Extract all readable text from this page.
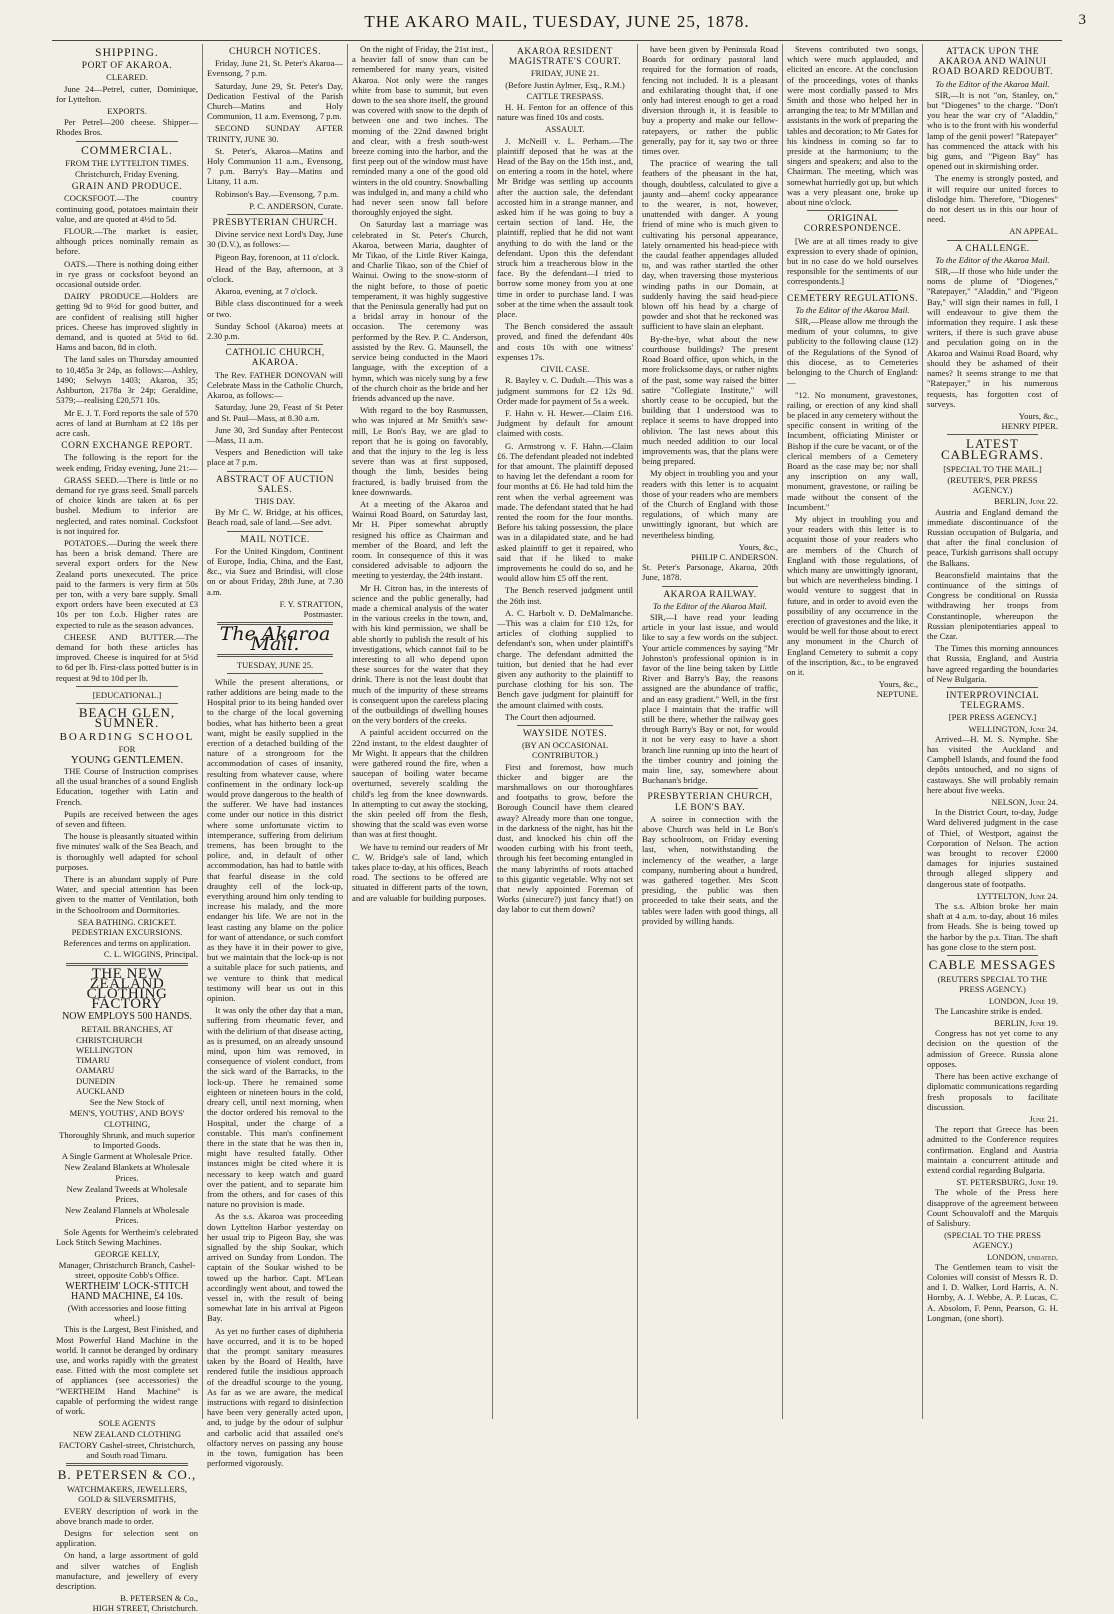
THE AKARO MAIL, TUESDAY, JUNE 25, 1878.	3
SHIPPING.
PORT OF AKAROA.
CLEARED.

June 24—Petrel, cutter, Dominique, for Lyttelton.

EXPORTS.

Per Petrel—200 cheese. Shipper—Rhodes Bros.

COMMERCIAL.
FROM THE LYTTELTON TIMES.
Christchurch, Friday Evening.
GRAIN AND PRODUCE.

COCKSFOOT.—The country continuing good, potatoes maintain their value, and are quoted at 4½d to 5d.

FLOUR.—The market is easier, although prices nominally remain as before.

OATS.—There is nothing doing either in rye grass or cocksfoot beyond an occasional outside order.

DAIRY PRODUCE.—Holders are getting 9d to 9½d for good butter, and are confident of realising still higher prices. Cheese has improved slightly in demand, and is quoted at 5½d to 6d. Hams and bacon, 8d in cloth.

The land sales on Thursday amounted to 10,485a 3r 24p, as follows:—Ashley, 1490; Selwyn 1403; Akaroa, 35; Ashburton, 2178a 3r 24p; Geraldine, 5379;—realising £20,571 10s.

Mr E. J. T. Ford reports the sale of 570 acres of land at Burnham at £2 18s per acre cash.

CORN EXCHANGE REPORT.

The following is the report for the week ending, Friday evening, June 21:—

GRASS SEED.—There is little or no demand for rye grass seed. Small parcels of choice kinds are taken at 6s per bushel. Medium to inferior are neglected, and rates nominal. Cocksfoot is not inquired for.

POTATOES.—During the week there has been a brisk demand. There are several export orders for the New Zealand ports unexecuted. The price paid to the farmers is very firm at 50s per ton, with a very bare supply. Small export orders have been executed at £3 10s per ton f.o.b. Higher rates are expected to rule as the season advances.

CHEESE AND BUTTER.—The demand for both these articles has improved. Cheese is inquired for at 5½d to 6d per lb. First-class potted butter is in request at 9d to 10d per lb.

[EDUCATIONAL.]
BEACH GLEN, SUMNER.
BOARDING SCHOOL
FOR
YOUNG GENTLEMEN.

THE Course of Instruction comprises all the usual branches of a sound English Education, together with Latin and French.

Pupils are received between the ages of seven and fifteen.

The house is pleasantly situated within five minutes' walk of the Sea Beach, and is thoroughly well adapted for school purposes.

There is an abundant supply of Pure Water, and special attention has been given to the matter of Ventilation, both in the Schoolroom and Dormitories.

SEA BATHING. CRICKET. PEDESTRIAN EXCURSIONS.
References and terms on application.
C. L. WIGGINS, Principal.
THE NEW ZEALAND CLOTHING FACTORY
NOW EMPLOYS 500 HANDS.
RETAIL BRANCHES, AT
CHRISTCHURCH
WELLINGTON
TIMARU
OAMARU
DUNEDIN
AUCKLAND
See the New Stock of
MEN'S, YOUTHS', AND BOYS' CLOTHING,
Thoroughly Shrunk, and much superior to Imported Goods.
A Single Garment at Wholesale Price.
New Zealand Blankets at Wholesale Prices.
New Zealand Tweeds at Wholesale Prices.
New Zealand Flannels at Wholesale Prices.

Sole Agents for Wertheim's celebrated Lock Stitch Sewing Machines.

GEORGE KELLY,
Manager, Christchurch Branch, Cashel-street, opposite Cobb's Office.
WERTHEIM' LOCK-STITCH HAND MACHINE, £4 10s.
(With accessories and loose fitting wheel.)

This is the Largest, Best Finished, and Most Powerful Hand Machine in the world. It cannot be deranged by ordinary use, and works rapidly with the greatest ease. Fitted with the most complete set of appliances (see accessories) the "WERTHEIM Hand Machine" is capable of performing the widest range of work.

SOLE AGENTS
NEW ZEALAND CLOTHING FACTORY Cashel-street, Christchurch, and South road Timaru.
B. PETERSEN & CO.,
WATCHMAKERS, JEWELLERS, GOLD & SILVERSMITHS,

EVERY description of work in the above branch made to order.

Designs for selection sent on application.

On hand, a large assortment of gold and silver watches of English manufacture, and jewellery of every description.

B. PETERSEN & Co.,
HIGH STREET, Christchurch.
CHURCH NOTICES.

Friday, June 21, St. Peter's Akaroa—Evensong, 7 p.m.

Saturday, June 29, St. Peter's Day, Dedication Festival of the Parish Church—Matins and Holy Communion, 11 a.m. Evensong, 7 p.m.

SECOND SUNDAY AFTER TRINITY, JUNE 30.

St. Peter's, Akaroa—Matins and Holy Communion 11 a.m., Evensong, 7 p.m. Barry's Bay—Matins and Litany, 11 a.m.

Robinson's Bay.—Evensong, 7 p.m.

P. C. ANDERSON, Curate.
PRESBYTERIAN CHURCH.

Divine service next Lord's Day, June 30 (D.V.), as follows:—

Pigeon Bay, forenoon, at 11 o'clock.

Head of the Bay, afternoon, at 3 o'clock.

Akaroa, evening, at 7 o'clock.

Bible class discontinued for a week or two.

Sunday School (Akaroa) meets at 2.30 p.m.

CATHOLIC CHURCH, AKAROA.

The Rev. FATHER DONOVAN will Celebrate Mass in the Catholic Church, Akaroa, as follows:—

Saturday, June 29, Feast of St Peter and St. Paul—Mass, at 8.30 a.m.

June 30, 3rd Sunday after Pentecost—Mass, 11 a.m.

Vespers and Benediction will take place at 7 p.m.

ABSTRACT OF AUCTION SALES.
THIS DAY.

By Mr C. W. Bridge, at his offices, Beach road, sale of land.—See advt.

MAIL NOTICE.

For the United Kingdom, Continent of Europe, India, China, and the East, &c., via Suez and Brindisi, will close on or about Friday, 28th June, at 7.30 a.m.

F. Y. STRATTON,
Postmaster.
The Akaroa Mail.
TUESDAY, JUNE 25.

While the present alterations, or rather additions are being made to the Hospital prior to its being handed over to the charge of the local governing bodies, what has hitherto been a great want, might be easily supplied in the erection of a detached building of the nature of a strongroom for the accommodation of cases of insanity, resulting from whatever cause, where confinement in the ordinary lock-up would prove dangerous to the health of the sufferer. We have had instances come under our notice in this district where some unfortunate victim to intemperance, suffering from delirium tremens, has been brought to the police, and, in default of other accommodation, has had to battle with that fearful disease in the cold draughty cell of the lock-up, everything around him only tending to increase his malady, and the more endanger his life. We are not in the least casting any blame on the police for want of attendance, or such comfort as they have it in their power to give, but we maintain that the lock-up is not a suitable place for such patients, and we venture to think that medical testimony will bear us out in this opinion.

It was only the other day that a man, suffering from rheumatic fever, and with the delirium of that disease acting, as is presumed, on an already unsound mind, upon him was removed, in consequence of violent conduct, from the sick ward of the Barracks, to the lock-up. There he remained some eighteen or nineteen hours in the cold, dreary cell, until next morning, when the doctor ordered his removal to the Hospital, under the charge of a constable. This man's confinement there in the state that he was then in, might have resulted fatally. Other instances might be cited where it is necessary to keep watch and guard over the patient, and to separate him from the others, and for cases of this nature no provision is made.

As the s.s. Akaroa was proceeding down Lyttelton Harbor yesterday on her usual trip to Pigeon Bay, she was signalled by the ship Soukar, which arrived on Sunday from London. The captain of the Soukar wished to be towed up the harbor. Capt. M'Lean accordingly went about, and towed the vessel in, with the result of being somewhat late in his arrival at Pigeon Bay.

As yet no further cases of diphtheria have occurred, and it is to be hoped that the prompt sanitary measures taken by the Board of Health, have rendered futile the insidious approach of the dreadful scourge to the young. As far as we are aware, the medical instructions with regard to disinfection have been very generally acted upon, and, to judge by the odour of sulphur and carbolic acid that assailed one's olfactory nerves on passing any house in the town, fumigation has been performed vigorously.

On the night of Friday, the 21st inst., a heavier fall of snow than can be remembered for many years, visited Akaroa. Not only were the ranges white from base to summit, but even down to the sea shore itself, the ground was covered with snow to the depth of between one and two inches. The morning of the 22nd dawned bright and clear, with a fresh south-west breeze coming into the harbor, and the first peep out of the window must have reminded many a one of the good old winters in the old country. Snowballing was indulged in, and many a child who had never seen snow fall before thoroughly enjoyed the sight.

On Saturday last a marriage was celebrated in St. Peter's Church, Akaroa, between Maria, daughter of Mr Tikao, of the Little River Kainga, and Charlie Tikao, son of the Chief of Wainui. Owing to the snow-storm of the night before, to those of poetic temperament, it was highly suggestive that the Peninsula generally had put on a bridal array in honour of the occasion. The ceremony was performed by the Rev. P. C. Anderson, assisted by the Rev. G. Maunsell, the service being conducted in the Maori language, with the exception of a hymn, which was nicely sung by a few of the church choir as the bride and her friends advanced up the nave.

With regard to the boy Rasmussen, who was injured at Mr Smith's saw-mill, Le Bon's Bay, we are glad to report that he is going on favorably, and that the injury to the leg is less severe than was at first supposed, though the limb, besides being fractured, is badly bruised from the knee downwards.

At a meeting of the Akaroa and Wainui Road Board, on Saturday last, Mr H. Piper somewhat abruptly resigned his office as Chairman and member of the Board, and left the room. In consequence of this it was considered advisable to adjourn the meeting to yesterday, the 24th instant.

Mr H. Citron has, in the interests of science and the public generally, had made a chemical analysis of the water in the various creeks in the town, and, with his kind permission, we shall be able shortly to publish the result of his investigations, which cannot fail to be interesting to all who depend upon these sources for the water that they drink. There is not the least doubt that much of the impurity of these streams is consequent upon the careless placing of the outbuildings of dwelling houses on the very borders of the creeks.

A painful accident occurred on the 22nd instant, to the eldest daughter of Mr Wight. It appears that the children were gathered round the fire, when a saucepan of boiling water became overturned, severely scalding the child's leg from the knee downwards. In attempting to cut away the stocking, the skin peeled off from the flesh, showing that the scald was even worse than was at first thought.

We have to remind our readers of Mr C. W. Bridge's sale of land, which takes place to-day, at his offices, Beach road. The sections to be offered are situated in different parts of the town, and are valuable for building purposes.

AKAROA RESIDENT MAGISTRATE'S COURT.
FRIDAY, JUNE 21.
(Before Justin Aylmer, Esq., R.M.)
CATTLE TRESPASS.

H. H. Fenton for an offence of this nature was fined 10s and costs.

ASSAULT.

J. McNeill v. L. Perham.—The plaintiff deposed that he was at the Head of the Bay on the 15th inst., and, on entering a room in the hotel, where Mr Bridge was settling up accounts after the auction sale, the defendant accosted him in a strange manner, and asked him if he was going to buy a certain section of land. He, the plaintiff, replied that he did not want anything to do with the land or the defendant. Upon this the defendant struck him a treacherous blow in the face. By the defendant—I tried to borrow some money from you at one time in order to purchase land. I was sober at the time when the assault took place.

The Bench considered the assault proved, and fined the defendant 40s and costs 10s with one witness' expenses 17s.

CIVIL CASE.

R. Bayley v. C. Dudult.—This was a judgment summons for £2 12s 9d. Order made for payment of 5s a week.

F. Hahn v. H. Hewer.—Claim £16. Judgment by default for amount claimed with costs.

G. Armstrong v. F. Hahn.—Claim £6. The defendant pleaded not indebted for that amount. The plaintiff deposed to having let the defendant a room for four months at £6. He had told him the rent when the verbal agreement was made. The defendant stated that he had rented the room for the four months. Before his taking possession, the place was in a dilapidated state, and he had asked plaintiff to get it repaired, who said that if he liked to make improvements he could do so, and he would allow him £5 off the rent.

The Bench reserved judgment until the 26th inst.

A. C. Harbolt v. D. DeMalmanche.—This was a claim for £10 12s, for articles of clothing supplied to defendant's son, when under plaintiff's charge. The defendant admitted the tuition, but denied that he had ever given any authority to the plaintiff to purchase clothing for his son. The Bench gave judgment for plaintiff for the amount claimed with costs.

The Court then adjourned.

WAYSIDE NOTES.
(BY AN OCCASIONAL CONTRIBUTOR.)

First and foremost, how much thicker and bigger are the marshmallows on our thoroughfares and footpaths to grow, before the Borough Council have them cleared away? Already more than one tongue, in the darkness of the night, has hit the dust, and knocked his chin off the wooden curbing with his front teeth, through his feet becoming entangled in the many labyrinths of roots attached to this gigantic vegetable. Why not set that newly appointed Foreman of Works (sinecure?) just fancy that!) on day labor to cut them down?

have been given by Peninsula Road Boards for ordinary pastoral land required for the formation of roads, fencing not included. It is a pleasant and exhilarating thought that, if one only had interest enough to get a road diversion through it, it is feasible to buy a property and make our fellow-ratepayers, or rather the public generally, pay for it, say two or three times over.

The practice of wearing the tall feathers of the pheasant in the hat, though, doubtless, calculated to give a jaunty and—ahem! cocky appearance to the wearer, is not, however, unattended with danger. A young friend of mine who is much given to cultivating his personal appearance, lately ornamented his head-piece with the caudal feather appendages alluded to, and was rather startled the other day, when traversing those mysterious winding paths in our Domain, at suddenly having the said head-piece blown off his head by a charge of powder and shot that he reckoned was sufficient to have slain an elephant.

By-the-bye, what about the new courthouse buildings? The present Road Board office, upon which, in the more frolicksome days, or rather nights of the past, some way raised the bitter satire "Collegiate Institute," will shortly cease to be occupied, but the building that I understood was to replace it seems to have dropped into oblivion. The last news about this much needed addition to our local improvements was, that the plans were being prepared.

My object in troubling you and your readers with this letter is to acquaint those of your readers who are members of the Church of England with those regulations, of which many are unwittingly ignorant, but which are nevertheless binding.

Yours, &c.,
PHILIP C. ANDERSON.
St. Peter's Parsonage, Akaroa, 20th June, 1878.
AKAROA RAILWAY.
To the Editor of the Akaroa Mail.

SIR,—I have read your leading article in your last issue, and would like to say a few words on the subject. Your article commences by saying "Mr Johnston's professional opinion is in favor of the line being taken by Little River and Barry's Bay, the reasons assigned are the abundance of traffic, and an easy gradient." Well, in the first place I maintain that the traffic will still be there, whether the railway goes through Barry's Bay or not, for would it not be very easy to have a short branch line running up into the heart of the timber country and joining the main line, say, somewhere about Buchanan's bridge.

PRESBYTERIAN CHURCH, LE BON'S BAY.

A soiree in connection with the above Church was held in Le Bon's Bay schoolroom, on Friday evening last, when, notwithstanding the inclemency of the weather, a large company, numbering about a hundred, was gathered together. Mrs Scott presiding, the public was then proceeded to take their seats, and the tables were laden with good things, all provided by willing hands.

Stevens contributed two songs, which were much applauded, and elicited an encore. At the conclusion of the proceedings, votes of thanks were most cordially passed to Mrs Smith and those who helped her in arranging the tea; to Mr M'Millan and assistants in the work of preparing the tables and decoration; to Mr Gates for his kindness in coming so far to preside at the harmonium; to the singers and speakers; and also to the Chairman. The meeting, which was somewhat hurriedly got up, but which was a very pleasant one, broke up about nine o'clock.

ORIGINAL CORRESPONDENCE.

[We are at all times ready to give expression to every shade of opinion, but in no case do we hold ourselves responsible for the sentiments of our correspondents.]

CEMETERY REGULATIONS.
To the Editor of the Akaroa Mail.

SIR,—Please allow me through the medium of your columns, to give publicity to the following clause (12) of the Regulations of the Synod of this diocese, as to Cemeteries belonging to the Church of England:—

"12. No monument, gravestones, railing, or erection of any kind shall be placed in any cemetery without the specific consent in writing of the Incumbent, officiating Minister or Bishop if the cure be vacant, or of the clerical members of a Cemetery Board as the case may be; nor shall any inscription on any wall, monument, gravestone, or railing be made without the consent of the Incumbent."

My object in troubling you and your readers with this letter is to acquaint those of your readers who are members of the Church of England with those regulations, of which many are unwittingly ignorant, but which are nevertheless binding. I would venture to suggest that in future, and in order to avoid even the possibility of any occurrence in the erection of gravestones and the like, it would be well for those about to erect any monument in the Church of England Cemetery to submit a copy of the inscription, &c., to be engraved on it.

Yours, &c.,
NEPTUNE.
ATTACK UPON THE AKAROA AND WAINUI ROAD BOARD REDOUBT.
To the Editor of the Akaroa Mail.

SIR,—It is not "on, Stanley, on," but "Diogenes" to the charge. "Don't you hear the war cry of "Aladdin," who is to the front with his wonderful lamp of the genii power! "Ratepayer" has commenced the attack with his big guns, and "Pigeon Bay" has opened out in skirmishing order.

The enemy is strongly posted, and it will require our united forces to dislodge him. Therefore, "Diogenes" do not desert us in this our hour of need.

AN APPEAL.
A CHALLENGE.
To the Editor of the Akaroa Mail.

SIR,—If those who hide under the noms de plume of "Diogenes," "Ratepayer," "Aladdin," and "Pigeon Bay," will sign their names in full, I will endeavour to give them the information they require. I ask these writers, if there is such grave abuse and peculation going on in the Akaroa and Wainui Road Board, why should they be ashamed of their names? It seems strange to me that "Ratepayer," in his numerous requests, has forgotten cost of surveys.

Yours, &c.,
HENRY PIPER.
LATEST CABLEGRAMS.
[SPECIAL TO THE MAIL.]
(REUTER'S, PER PRESS AGENCY.)
BERLIN, June 22.

Austria and England demand the immediate discontinuance of the Russian occupation of Bulgaria, and that after the final conclusion of peace, Turkish garrisons shall occupy the Balkans.

Beaconsfield maintains that the continuance of the sittings of Congress be conditional on Russia withdrawing her troops from Constantinople, whereupon the Russian plenipotentiaries appeal to the Czar.

The Times this morning announces that Russia, England, and Austria have agreed regarding the boundaries of New Bulgaria.

INTERPROVINCIAL TELEGRAMS.
[PER PRESS AGENCY.]
WELLINGTON, June 24.

Arrived—H. M. S. Nymphe. She has visited the Auckland and Campbell Islands, and found the food depôts untouched, and no signs of castaways. She will probably remain here about five weeks.

NELSON, June 24.

In the District Court, to-day, Judge Ward delivered judgment in the case of Thiel, of Westport, against the Corporation of Nelson. The action was brought to recover £2000 damages for injuries sustained through alleged slippery and dangerous state of footpaths.

LYTTELTON, June 24.

The s.s. Albion broke her main shaft at 4 a.m. to-day, about 16 miles from Heads. She is being towed up the harbor by the p.s. Titan. The shaft has gone close to the stern post.

CABLE MESSAGES
(REUTERS SPECIAL TO THE PRESS AGENCY.)
LONDON, June 19.

The Lancashire strike is ended.

BERLIN, June 19.

Congress has not yet come to any decision on the question of the admission of Greece. Russia alone opposes.

There has been active exchange of diplomatic communications regarding fresh proposals to facilitate discussion.

June 21.

The report that Greece has been admitted to the Conference requires confirmation. England and Austria maintain a concurrent attitude and extend cordial regarding Bulgaria.

ST. PETERSBURG, June 19.

The whole of the Press here disapprove of the agreement between Count Schouvaloff and the Marquis of Salisbury.

(SPECIAL TO THE PRESS AGENCY.)
LONDON, undated.

The Gentlemen team to visit the Colonies will consist of Messrs R. D. and I. D. Walker, Lord Harris, A. N. Hornby, A. J. Webbe, A. P. Lucas, C. A. Absolom, F. Penn, Pearson, G. H. Longman, (one short).
